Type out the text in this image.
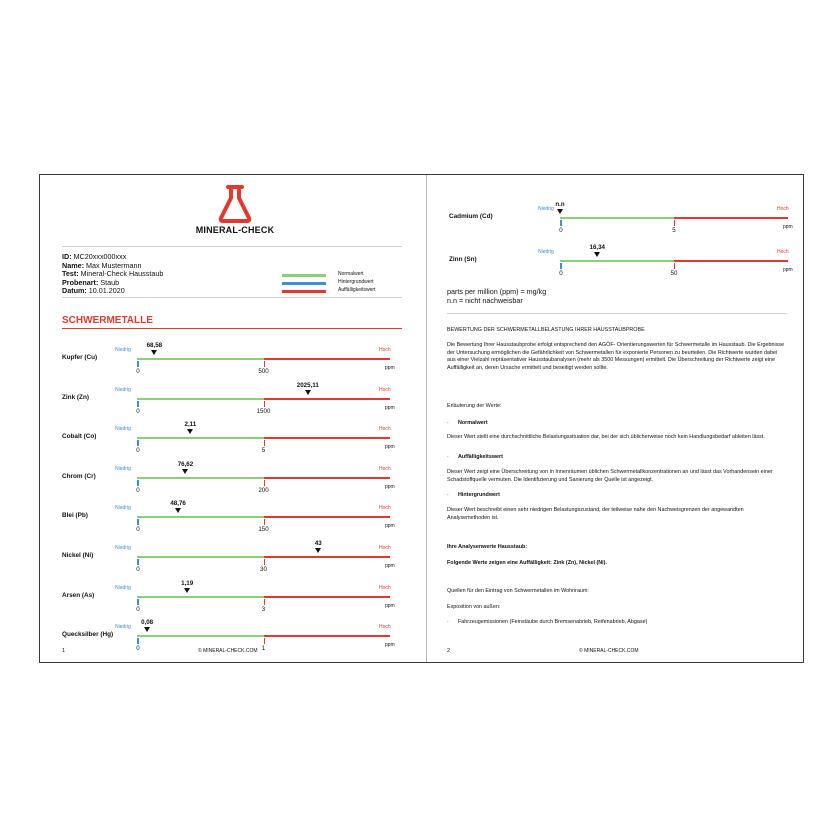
MINERAL-CHECK
ID: MC20xxx000xxx
Name: Max Mustermann
Test: Mineral-Check Hausstaub
Probenart: Staub
Datum: 10.01.2020
Normalwert
Hintergrundwert
Auffälligkeitswert
SCHWERMETALLE
Kupfer (Cu)
Niedrig	Hoch
0	500	ppm
68,58
Zink (Zn)
Niedrig	Hoch
0	1500	ppm
2025,11
Cobalt (Co)
Niedrig	Hoch
0	5	ppm
2,11
Chrom (Cr)
Niedrig	Hoch
0	200	ppm
76,62
Blei (Pb)
Niedrig	Hoch
0	150	ppm
48,76
Nickel (Ni)
Niedrig	Hoch
0	30	ppm
43
Arsen (As)
Niedrig	Hoch
0	3	ppm
1,19
Quecksilber (Hg)
Niedrig	Hoch
0	1	ppm
0,08
1	© MINERAL-CHECK.COM
Cadmium (Cd)
Niedrig	Hoch
0	5	ppm
n.n
Zinn (Sn)
Niedrig	Hoch
0	50	ppm
16,34
parts per million (ppm) = mg/kg
n.n = nicht nachweisbar
BEWERTUNG DER SCHWERMETALLBELASTUNG IHRER HAUSSTAUBPROBE
Die Bewertung Ihrer Hausstaubprobe erfolgt entsprechend den AGÖF- Orientierungswerten für Schwermetalle im Hausstaub. Die Ergebnisse der Untersuchung ermöglichen die Gefährlichkeit von Schwermetallen für exponierte Personen zu beurteilen. Die Richtwerte wurden dabei aus einer Vielzahl repräsentativer Hausstaubanalysen (mehr als 3500 Messungen) ermittelt. Die Überschreitung der Richtwerte zeigt eine Auffälligkeit an, deren Ursache ermittelt und beseitigt werden sollte.
Erläuterung der Werte:
· Normalwert
Dieser Wert stellt eine durchschnittliche Belastungssituation dar, bei der sich üblicherweise noch kein Handlungsbedarf ableiten lässt.
· Auffälligkeitswert
Dieser Wert zeigt eine Überschreitung von in Innenräumen üblichen Schwermetallkonzentrationen an und lässt das Vorhandensein einer Schadstoffquelle vermuten. Die Identifizierung und Sanierung der Quelle ist angezeigt.
· Hintergrundwert
Dieser Wert beschreibt einen sehr niedrigen Belastungszustand, der teilweise nahe den Nachweisgrenzen der angewandten Analysemethoden ist.
Ihre Analysenwerte Hausstaub:
Folgende Werte zeigen eine Auffälligkeit: Zink (Zn), Nickel (Ni).
Quellen für den Eintrag von Schwermetallen im Wohnraum:
Exposition von außen:
· Fahrzeugemissionen (Feinstäube durch Bremsenabrieb, Reifenabrieb, Abgase)
2	© MINERAL-CHECK.COM
